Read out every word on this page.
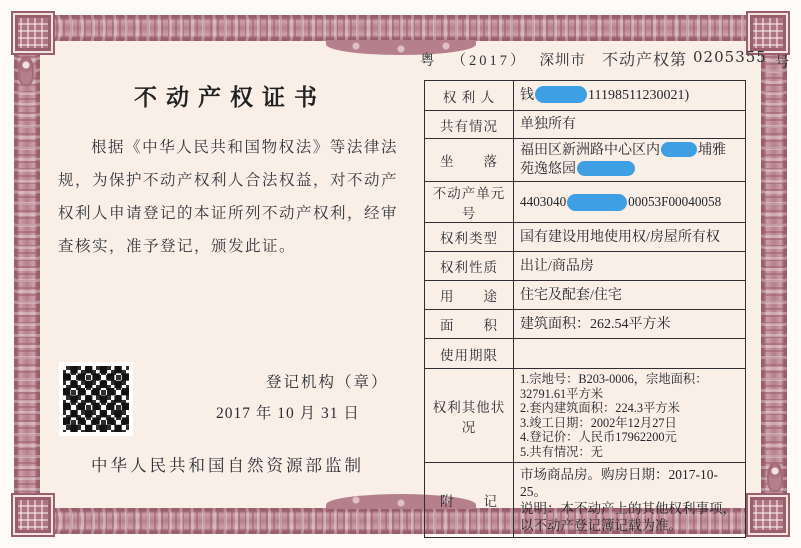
粤 （2017） 深圳市 不动产权第 0205355 号
不动产权证书
根据《中华人民共和国物权法》等法律法规，为保护不动产权利人合法权益，对不动产权利人申请登记的本证所列不动产权利，经审查核实，准予登记，颁发此证。
登记机构（章）
2017 年 10 月 31 日
中华人民共和国自然资源部监制
权 利 人	钱 11198511230021)
共有情况	单独所有
坐　　落	福田区新洲路中心区内 埔雅苑逸悠园
不动产单元号	4403040 00053F00040058
权利类型	国有建设用地使用权/房屋所有权
权利性质	出让/商品房
用　　途	住宅及配套/住宅
面　　积	建筑面积：262.54平方米
使用期限	
权利其他状况	1.宗地号：B203-0006，宗地面积：32791.61平方米
2.套内建筑面积：224.3平方米
3.竣工日期：2002年12月27日
4.登记价：人民币17962200元
5.共有情况：无

附　　记	市场商品房。购房日期：2017-10-25。
说明：本不动产上的其他权利事项，以不动产登记簿记载为准。
